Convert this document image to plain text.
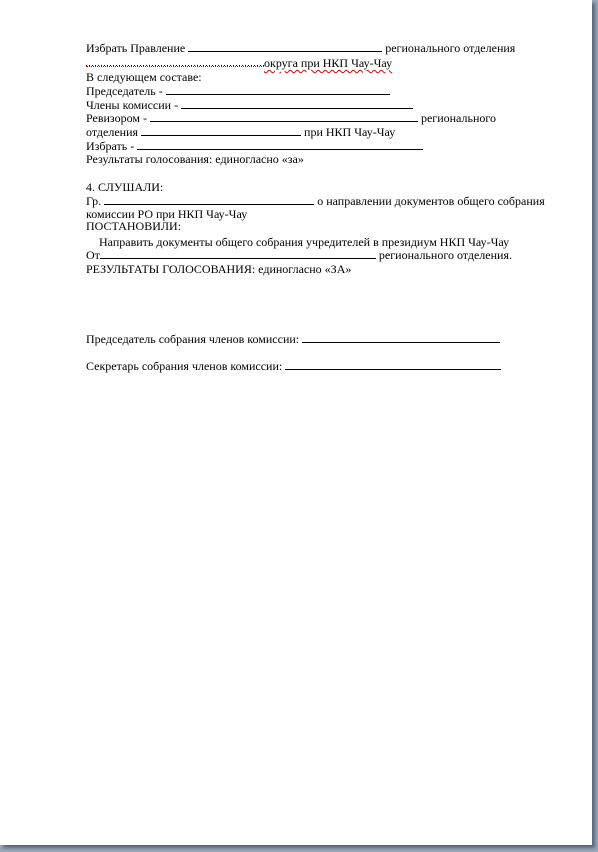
Избрать Правление	регионального отделения
округа при НКП Чау-Чау
В следующем составе:
Председатель -
Члены комиссии -
Ревизором -	регионального
отделения	при НКП Чау-Чау
Избрать -
Результаты голосования: единогласно «за»
4. СЛУШАЛИ:
Гр.	о направлении документов общего собрания
комиссии РО при НКП Чау-Чау
ПОСТАНОВИЛИ:
Направить документы общего собрания учредителей в президиум НКП Чау-Чау
От	регионального отделения.
РЕЗУЛЬТАТЫ ГОЛОСОВАНИЯ: единогласно «ЗА»
Председатель собрания членов комиссии:
Секретарь собрания членов комиссии:
